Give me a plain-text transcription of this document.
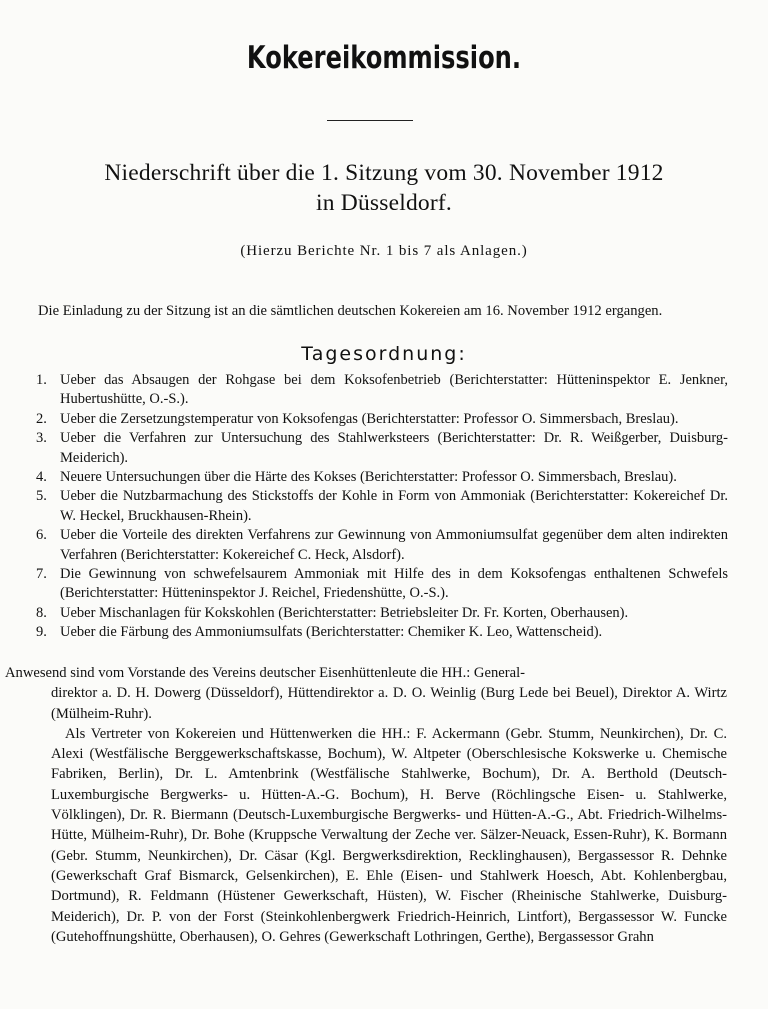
Kokereikommission.
Niederschrift über die 1. Sitzung vom 30. November 1912
in Düsseldorf.
(Hierzu Berichte Nr. 1 bis 7 als Anlagen.)
Die Einladung zu der Sitzung ist an die sämtlichen deutschen Kokereien am 16. November 1912 ergangen.
Tagesordnung:
1. Ueber das Absaugen der Rohgase bei dem Koksofenbetrieb (Berichterstatter: Hütteninspektor E. Jenkner, Hubertushütte, O.-S.).
2. Ueber die Zersetzungstemperatur von Koksofengas (Berichterstatter: Professor O. Simmersbach, Breslau).
3. Ueber die Verfahren zur Untersuchung des Stahlwerksteers (Berichterstatter: Dr. R. Weißgerber, Duisburg-Meiderich).
4. Neuere Untersuchungen über die Härte des Kokses (Berichterstatter: Professor O. Simmersbach, Breslau).
5. Ueber die Nutzbarmachung des Stickstoffs der Kohle in Form von Ammoniak (Berichterstatter: Kokereichef Dr. W. Heckel, Bruckhausen-Rhein).
6. Ueber die Vorteile des direkten Verfahrens zur Gewinnung von Ammoniumsulfat gegenüber dem alten indirekten Verfahren (Berichterstatter: Kokereichef C. Heck, Alsdorf).
7. Die Gewinnung von schwefelsaurem Ammoniak mit Hilfe des in dem Koksofengas enthaltenen Schwefels (Berichterstatter: Hütteninspektor J. Reichel, Friedenshütte, O.-S.).
8. Ueber Mischanlagen für Kokskohlen (Berichterstatter: Betriebsleiter Dr. Fr. Korten, Oberhausen).
9. Ueber die Färbung des Ammoniumsulfats (Berichterstatter: Chemiker K. Leo, Wattenscheid).

Anwesend sind vom Vorstande des Vereins deutscher Eisenhüttenleute die HH.: General-
direktor a. D. H. Dowerg (Düsseldorf), Hüttendirektor a. D. O. Weinlig (Burg Lede bei Beuel), Direktor A. Wirtz (Mülheim-Ruhr).

Als Vertreter von Kokereien und Hüttenwerken die HH.: F. Ackermann (Gebr. Stumm, Neunkirchen), Dr. C. Alexi (Westfälische Berggewerkschaftskasse, Bochum), W. Altpeter (Oberschlesische Kokswerke u. Chemische Fabriken, Berlin), Dr. L. Amtenbrink (Westfälische Stahlwerke, Bochum), Dr. A. Berthold (Deutsch-Luxemburgische Bergwerks- u. Hütten-A.-G. Bochum), H. Berve (Röchlingsche Eisen- u. Stahlwerke, Völklingen), Dr. R. Biermann (Deutsch-Luxemburgische Bergwerks- und Hütten-A.-G., Abt. Friedrich-Wilhelms-Hütte, Mülheim-Ruhr), Dr. Bohe (Kruppsche Verwaltung der Zeche ver. Sälzer-Neuack, Essen-Ruhr), K. Bormann (Gebr. Stumm, Neunkirchen), Dr. Cäsar (Kgl. Bergwerksdirektion, Recklinghausen), Bergassessor R. Dehnke (Gewerkschaft Graf Bismarck, Gelsenkirchen), E. Ehle (Eisen- und Stahlwerk Hoesch, Abt. Kohlenbergbau, Dortmund), R. Feldmann (Hüstener Gewerkschaft, Hüsten), W. Fischer (Rheinische Stahlwerke, Duisburg-Meiderich), Dr. P. von der Forst (Steinkohlenbergwerk Friedrich-Heinrich, Lintfort), Bergassessor W. Funcke (Gutehoffnungshütte, Oberhausen), O. Gehres (Gewerkschaft Lothringen, Gerthe), Bergassessor Grahn
